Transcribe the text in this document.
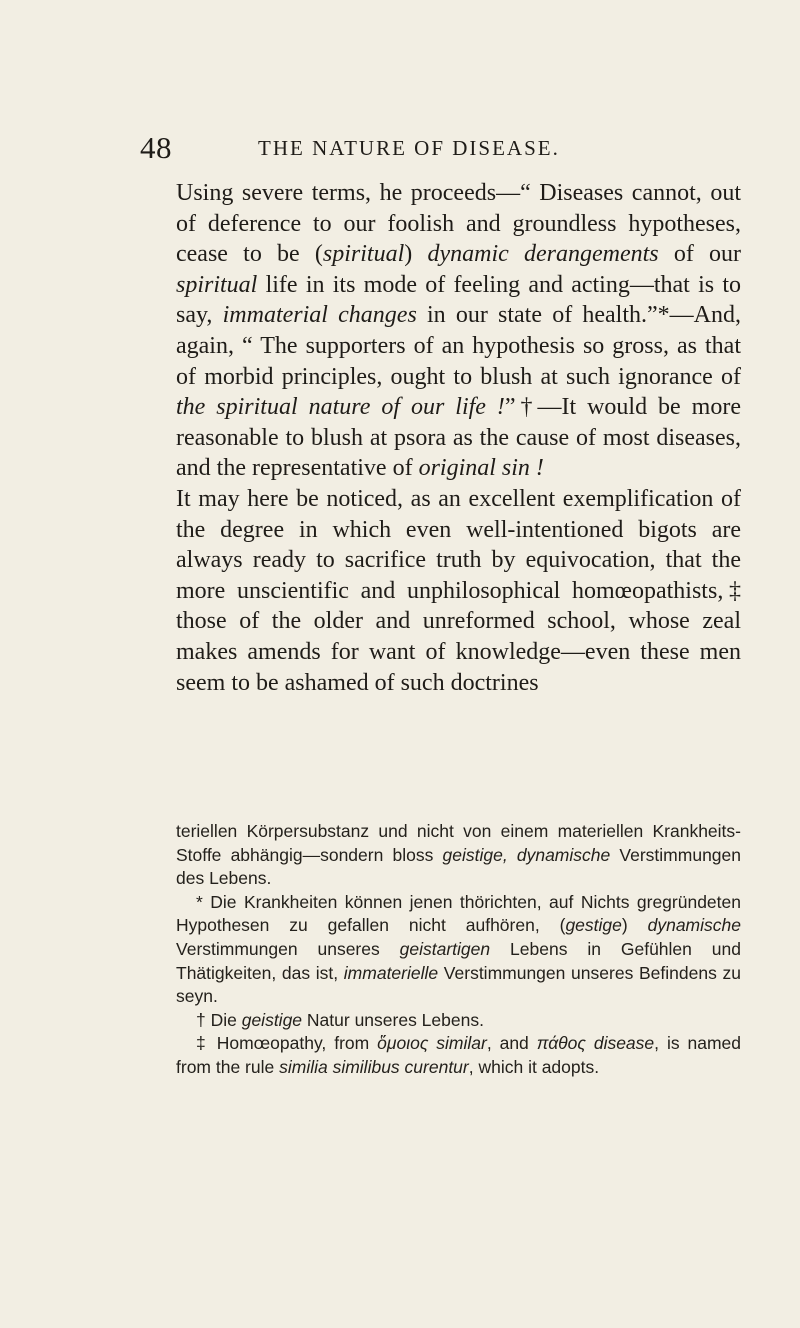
48	THE NATURE OF DISEASE.

Using severe terms, he proceeds—“ Diseases cannot, out of deference to our foolish and groundless hypotheses, cease to be (spiritual) dynamic derangements of our spiritual life in its mode of feeling and acting—that is to say, immaterial changes in our state of health.”*—And, again, “ The supporters of an hypothesis so gross, as that of morbid principles, ought to blush at such ignorance of the spiritual nature of our life !”†—It would be more reasonable to blush at psora as the cause of most diseases, and the representative of original sin !

It may here be noticed, as an excellent exemplification of the degree in which even well-intentioned bigots are always ready to sacrifice truth by equivocation, that the more unscientific and unphilosophical homœopathists,‡ those of the older and unreformed school, whose zeal makes amends for want of knowledge—even these men seem to be ashamed of such doctrines

teriellen Körpersubstanz und nicht von einem materiellen Krankheits-Stoffe abhängig—sondern bloss geistige, dynamische Verstimmungen des Lebens.

* Die Krankheiten können jenen thörichten, auf Nichts gregründeten Hypothesen zu gefallen nicht aufhören, (gestige) dynamische Verstimmungen unseres geistartigen Lebens in Gefühlen und Thätigkeiten, das ist, immaterielle Verstimmungen unseres Befindens zu seyn.

† Die geistige Natur unseres Lebens.

‡ Homœopathy, from ὅμοιος similar, and πάθος disease, is named from the rule similia similibus curentur, which it adopts.
